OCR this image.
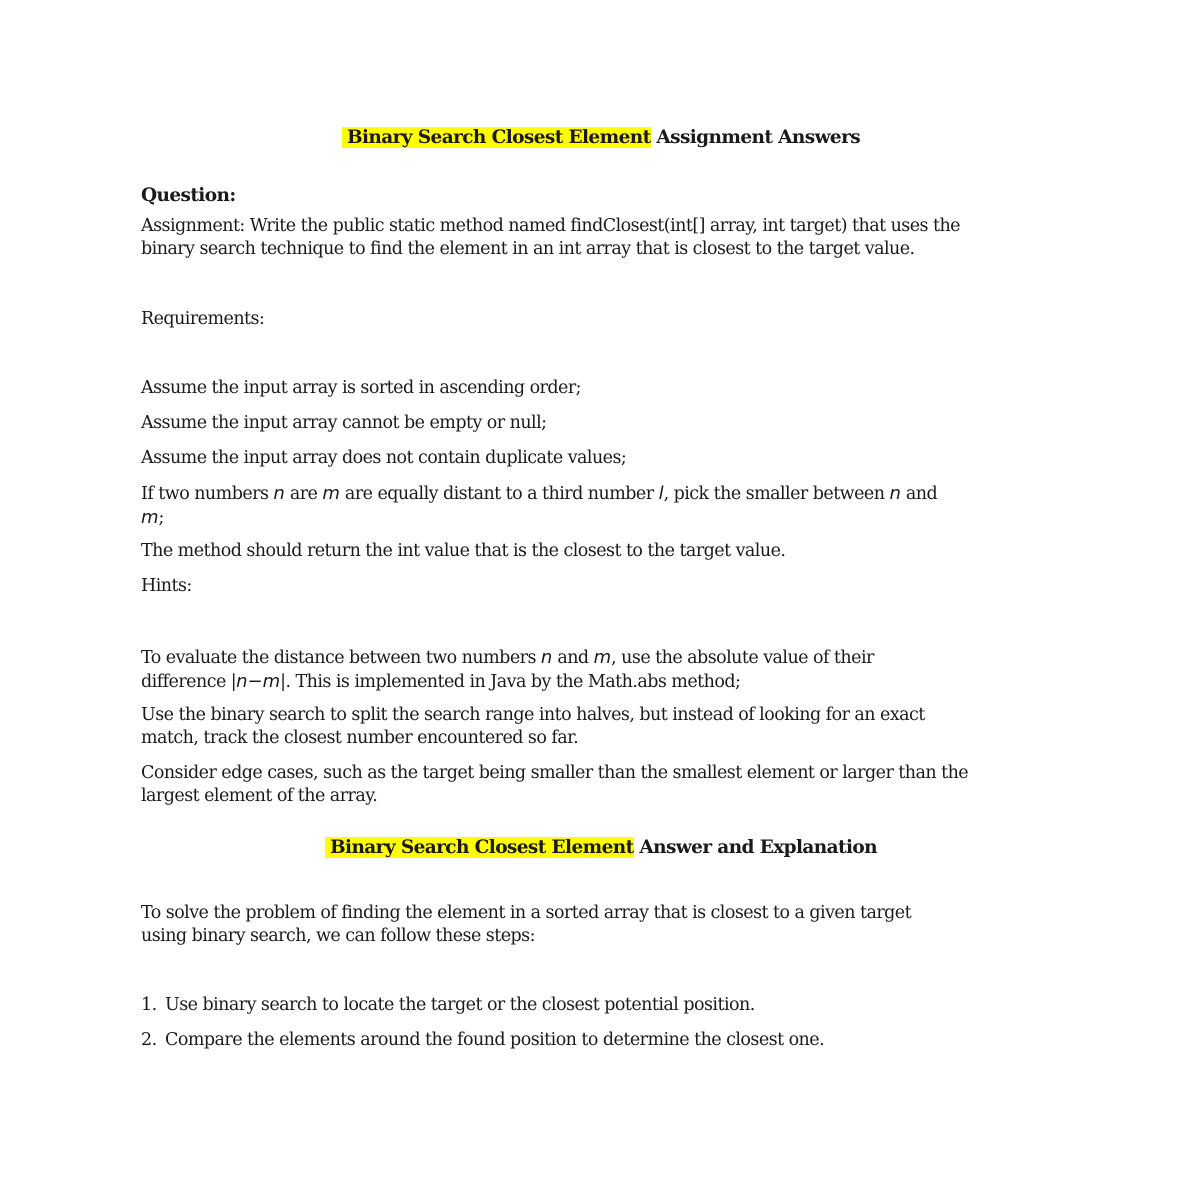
Binary Search Closest Element Assignment Answers
Question:
Assignment: Write the public static method named findClosest(int[] array, int target) that uses the
binary search technique to find the element in an int array that is closest to the target value.
Requirements:
Assume the input array is sorted in ascending order;
Assume the input array cannot be empty or null;
Assume the input array does not contain duplicate values;
If two numbers n are m are equally distant to a third number l, pick the smaller between n and
m;
The method should return the int value that is the closest to the target value.
Hints:
To evaluate the distance between two numbers n and m, use the absolute value of their
difference |n−m|. This is implemented in Java by the Math.abs method;
Use the binary search to split the search range into halves, but instead of looking for an exact
match, track the closest number encountered so far.
Consider edge cases, such as the target being smaller than the smallest element or larger than the
largest element of the array.
Binary Search Closest Element Answer and Explanation
To solve the problem of finding the element in a sorted array that is closest to a given target
using binary search, we can follow these steps:
1. Use binary search to locate the target or the closest potential position.
2. Compare the elements around the found position to determine the closest one.
